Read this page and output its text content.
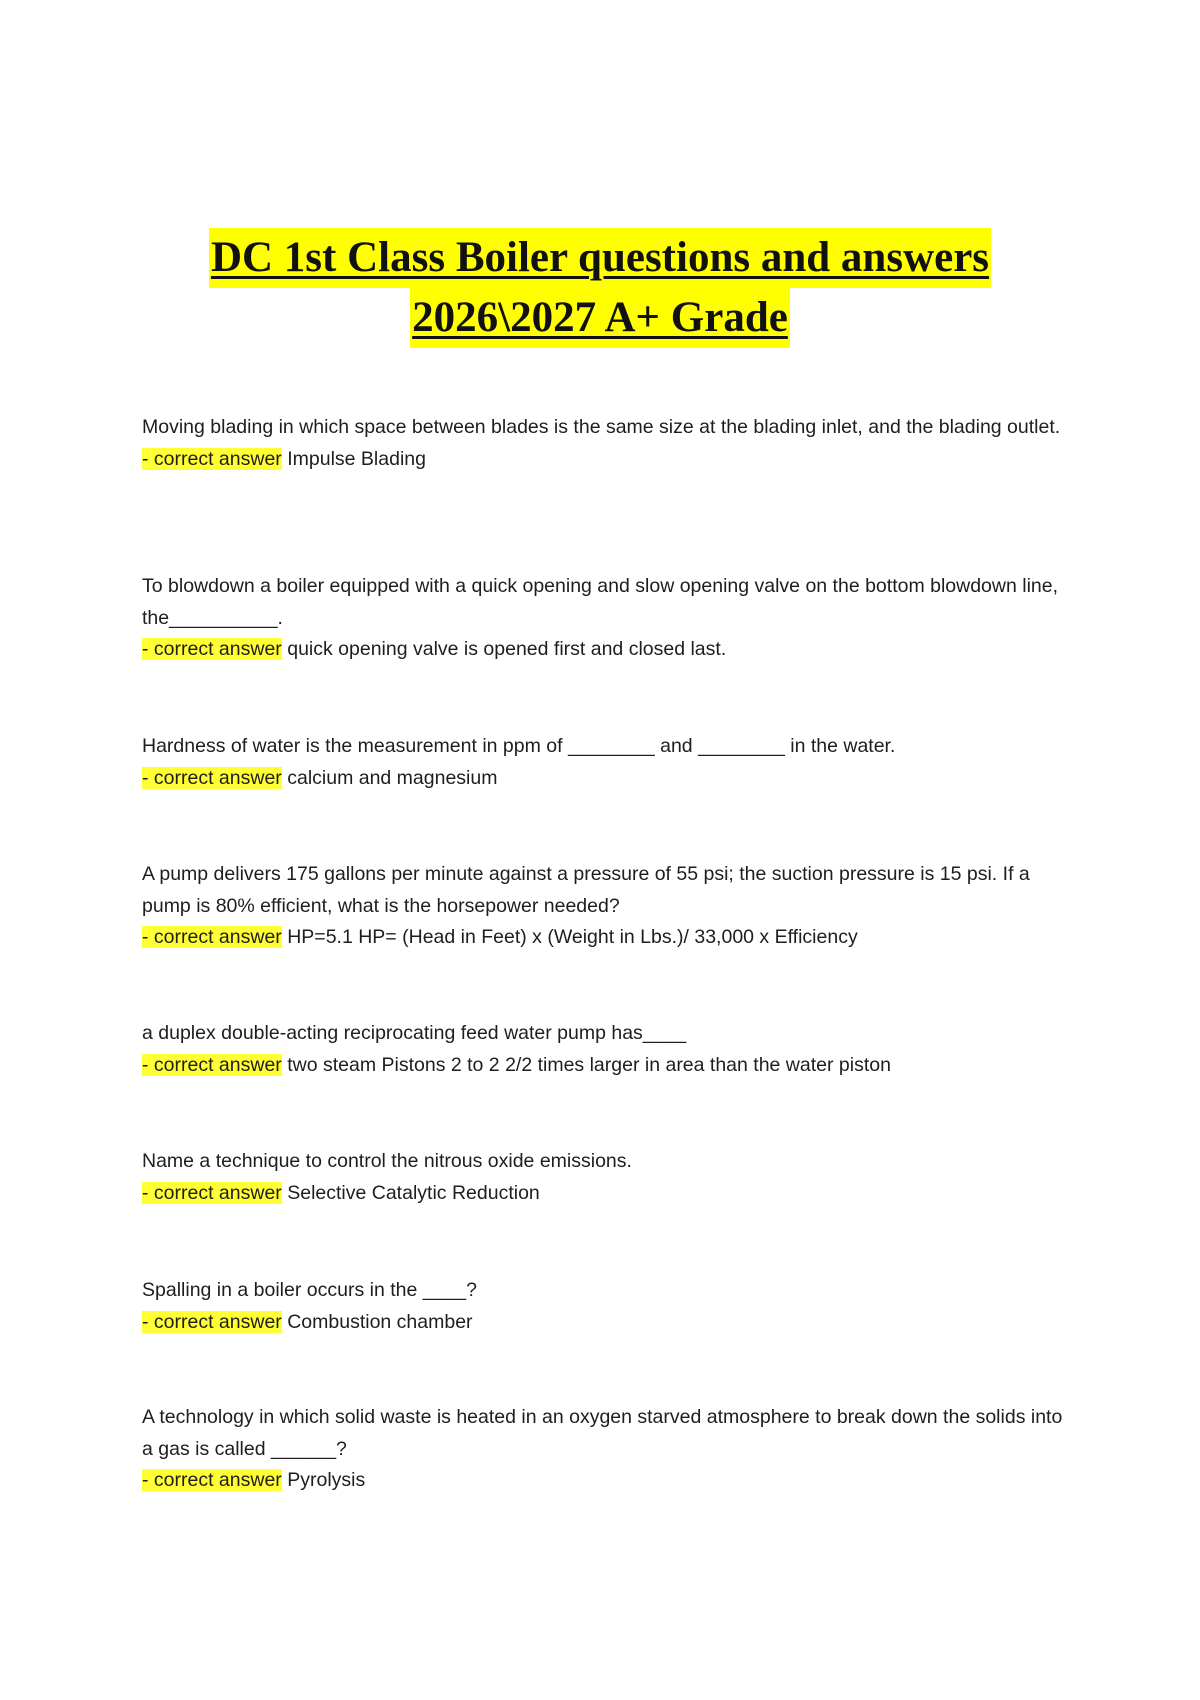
DC 1st Class Boiler questions and answers
2026\2027 A+ Grade
Moving blading in which space between blades is the same size at the blading inlet, and the blading outlet.
- correct answer Impulse Blading
To blowdown a boiler equipped with a quick opening and slow opening valve on the bottom blowdown line, the__________.
- correct answer quick opening valve is opened first and closed last.
Hardness of water is the measurement in ppm of ________ and ________ in the water.
- correct answer calcium and magnesium
A pump delivers 175 gallons per minute against a pressure of 55 psi; the suction pressure is 15 psi. If a pump is 80% efficient, what is the horsepower needed?
- correct answer HP=5.1 HP= (Head in Feet) x (Weight in Lbs.)/ 33,000 x Efficiency
a duplex double-acting reciprocating feed water pump has____
- correct answer two steam Pistons 2 to 2 2/2 times larger in area than the water piston
Name a technique to control the nitrous oxide emissions.
- correct answer Selective Catalytic Reduction
Spalling in a boiler occurs in the ____?
- correct answer Combustion chamber
A technology in which solid waste is heated in an oxygen starved atmosphere to break down the solids into a gas is called ______?
- correct answer Pyrolysis
